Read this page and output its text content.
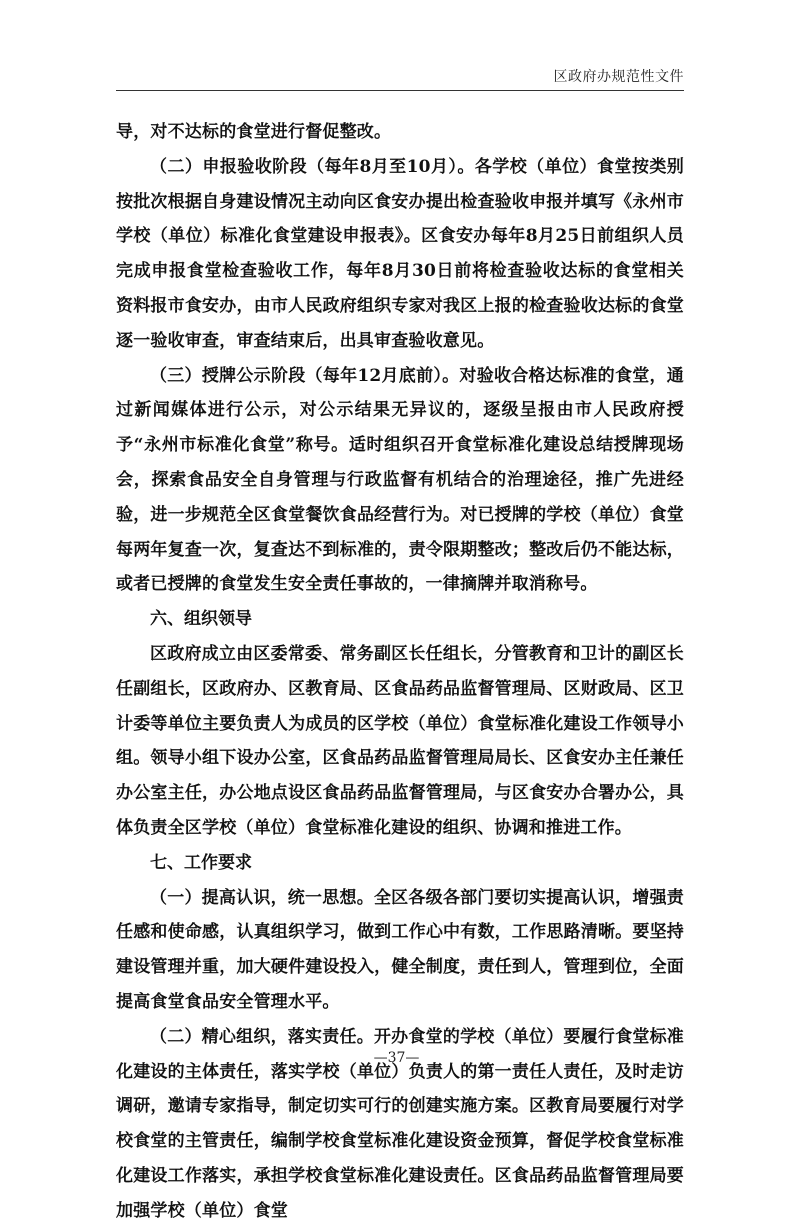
区政府办规范性文件

导，对不达标的食堂进行督促整改。

（二）申报验收阶段（每年8月至10月）。各学校（单位）食堂按类别按批次根据自身建设情况主动向区食安办提出检查验收申报并填写《永州市学校（单位）标准化食堂建设申报表》。区食安办每年8月25日前组织人员完成申报食堂检查验收工作，每年8月30日前将检查验收达标的食堂相关资料报市食安办，由市人民政府组织专家对我区上报的检查验收达标的食堂逐一验收审查，审查结束后，出具审查验收意见。

（三）授牌公示阶段（每年12月底前）。对验收合格达标准的食堂，通过新闻媒体进行公示，对公示结果无异议的，逐级呈报由市人民政府授予“永州市标准化食堂”称号。适时组织召开食堂标准化建设总结授牌现场会，探索食品安全自身管理与行政监督有机结合的治理途径，推广先进经验，进一步规范全区食堂餐饮食品经营行为。对已授牌的学校（单位）食堂每两年复查一次，复查达不到标准的，责令限期整改；整改后仍不能达标，或者已授牌的食堂发生安全责任事故的，一律摘牌并取消称号。

六、组织领导

区政府成立由区委常委、常务副区长任组长，分管教育和卫计的副区长任副组长，区政府办、区教育局、区食品药品监督管理局、区财政局、区卫计委等单位主要负责人为成员的区学校（单位）食堂标准化建设工作领导小组。领导小组下设办公室，区食品药品监督管理局局长、区食安办主任兼任办公室主任，办公地点设区食品药品监督管理局，与区食安办合署办公，具体负责全区学校（单位）食堂标准化建设的组织、协调和推进工作。

七、工作要求

（一）提高认识，统一思想。全区各级各部门要切实提高认识，增强责任感和使命感，认真组织学习，做到工作心中有数，工作思路清晰。要坚持建设管理并重，加大硬件建设投入，健全制度，责任到人，管理到位，全面提高食堂食品安全管理水平。

（二）精心组织，落实责任。开办食堂的学校（单位）要履行食堂标准化建设的主体责任，落实学校（单位）负责人的第一责任人责任，及时走访调研，邀请专家指导，制定切实可行的创建实施方案。区教育局要履行对学校食堂的主管责任，编制学校食堂标准化建设资金预算，督促学校食堂标准化建设工作落实，承担学校食堂标准化建设责任。区食品药品监督管理局要加强学校（单位）食堂

—37—
